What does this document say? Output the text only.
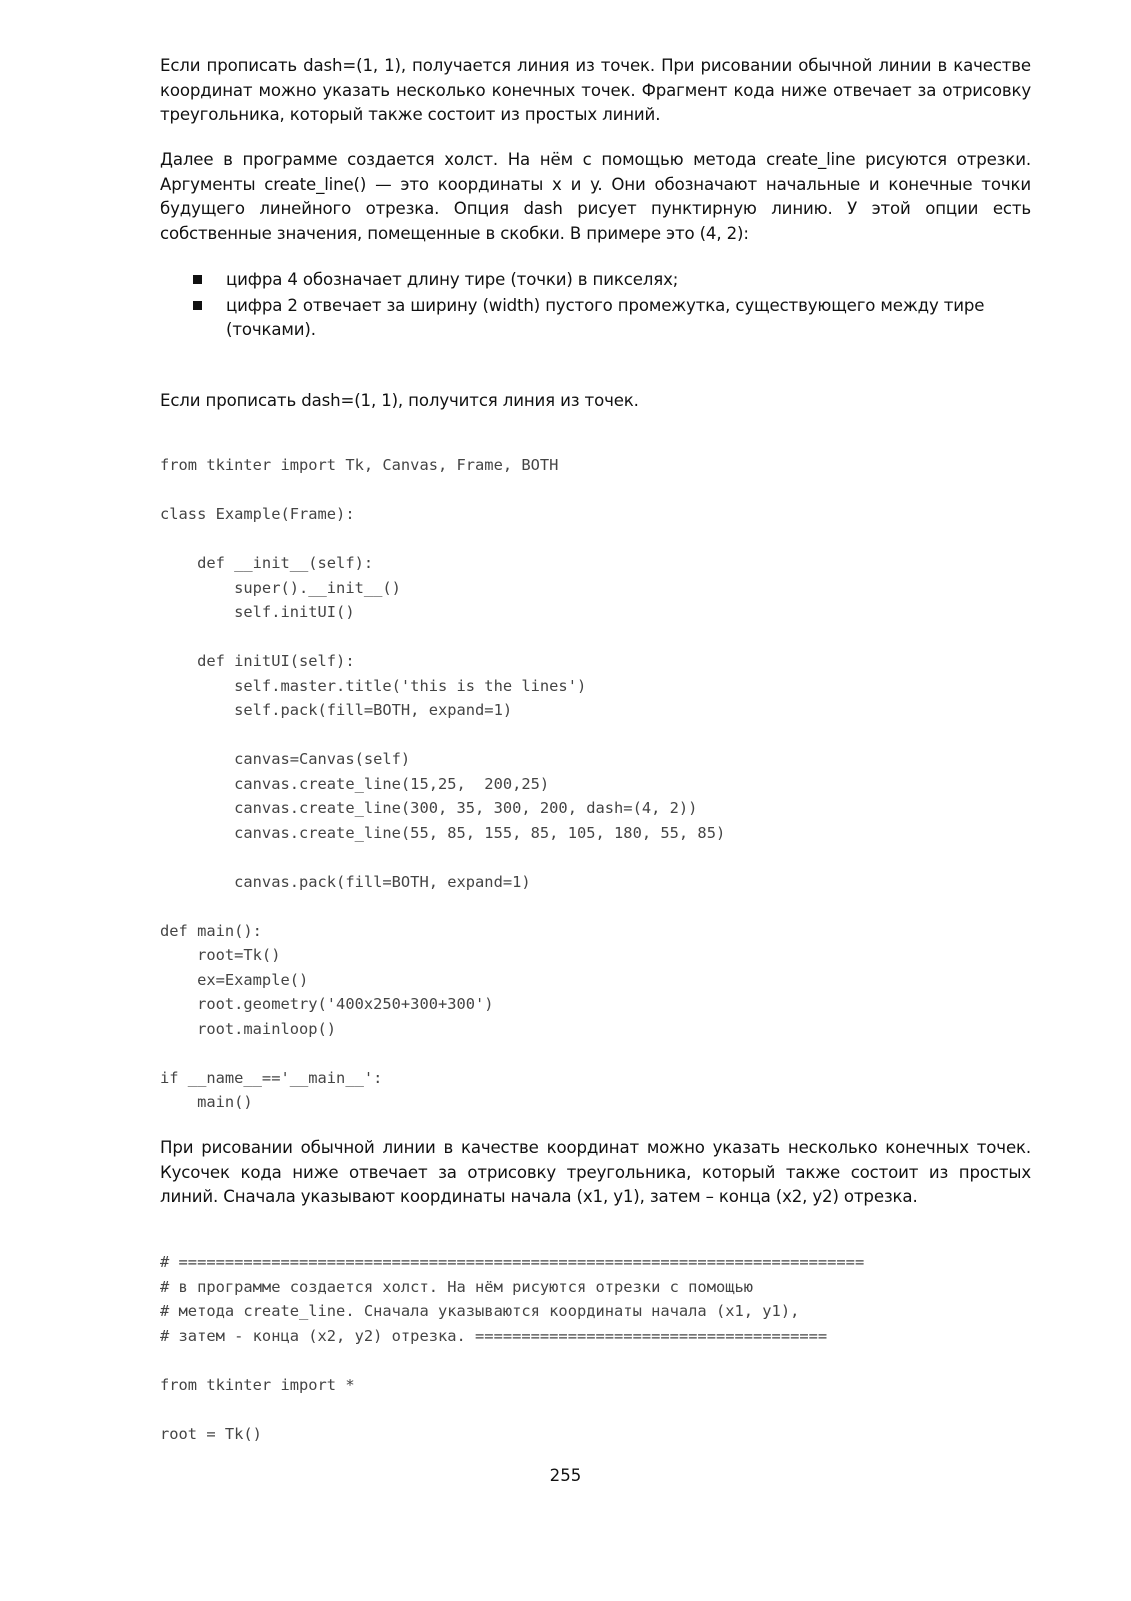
Если прописать dash=(1, 1), получается линия из точек. При рисовании обычной линии в качестве координат можно указать несколько конечных точек. Фрагмент кода ниже отвечает за отрисовку треугольника, который также состоит из простых линий.

Далее в программе создается холст. На нём с помощью метода create_line рисуются отрезки. Аргументы create_line() — это координаты x и y. Они обозначают начальные и конечные точки будущего линейного отрезка. Опция dash рисует пунктирную линию. У этой опции есть собственные значения, помещенные в скобки. В примере это (4, 2):

цифра 4 обозначает длину тире (точки) в пикселях;
цифра 2 отвечает за ширину (width) пустого промежутка, существующего между тире (точками).

Если прописать dash=(1, 1), получится линия из точек.

from tkinter import Tk, Canvas, Frame, BOTH
class Example(Frame):
def __init__(self):
super().__init__()
self.initUI()
def initUI(self):
self.master.title('this is the lines')
self.pack(fill=BOTH, expand=1)
canvas=Canvas(self)
canvas.create_line(15,25,  200,25)
canvas.create_line(300, 35, 300, 200, dash=(4, 2))
canvas.create_line(55, 85, 155, 85, 105, 180, 55, 85)
canvas.pack(fill=BOTH, expand=1)
def main():
root=Tk()
ex=Example()
root.geometry('400x250+300+300')
root.mainloop()
if __name__=='__main__':
main()

При рисовании обычной линии в качестве координат можно указать несколько конечных точек. Кусочек кода ниже отвечает за отрисовку треугольника, который также состоит из простых линий. Сначала указывают координаты начала (x1, y1), затем – конца (x2, y2) отрезка.

# ==========================================================================
# в программе создается холст. На нём рисуются отрезки с помощью
# метода create_line. Сначала указываются координаты начала (x1, y1),
# затем - конца (x2, y2) отрезка. ======================================
from tkinter import *
root = Tk()
255
